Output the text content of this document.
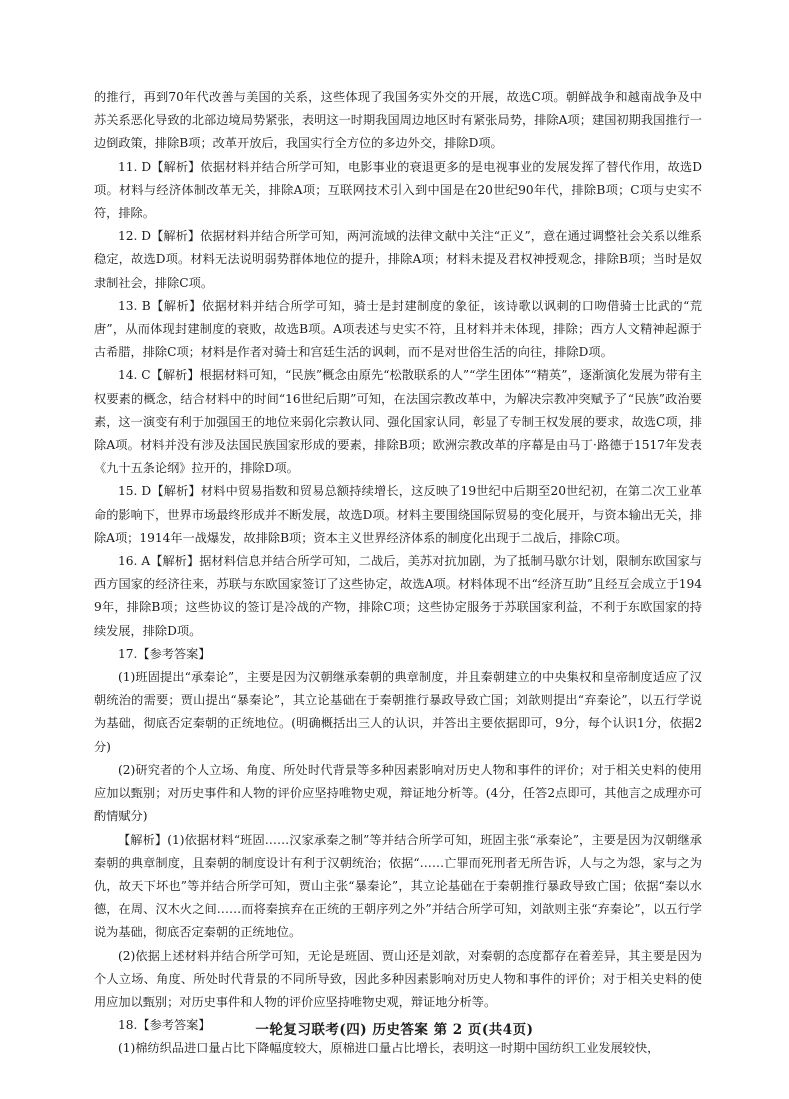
的推行，再到70年代改善与美国的关系，这些体现了我国务实外交的开展，故选C项。朝鲜战争和越南战争及中苏关系恶化导致的北部边境局势紧张，表明这一时期我国周边地区时有紧张局势，排除A项；建国初期我国推行一边倒政策，排除B项；改革开放后，我国实行全方位的多边外交，排除D项。

11. D【解析】依据材料并结合所学可知，电影事业的衰退更多的是电视事业的发展发挥了替代作用，故选D项。材料与经济体制改革无关，排除A项；互联网技术引入到中国是在20世纪90年代，排除B项；C项与史实不符，排除。

12. D【解析】依据材料并结合所学可知，两河流域的法律文献中关注“正义”，意在通过调整社会关系以维系稳定，故选D项。材料无法说明弱势群体地位的提升，排除A项；材料未提及君权神授观念，排除B项；当时是奴隶制社会，排除C项。

13. B【解析】依据材料并结合所学可知，骑士是封建制度的象征，该诗歌以讽刺的口吻借骑士比武的“荒唐”，从而体现封建制度的衰败，故选B项。A项表述与史实不符，且材料并未体现，排除；西方人文精神起源于古希腊，排除C项；材料是作者对骑士和宫廷生活的讽刺，而不是对世俗生活的向往，排除D项。

14. C【解析】根据材料可知，“民族”概念由原先“松散联系的人”“学生团体”“精英”，逐渐演化发展为带有主权要素的概念，结合材料中的时间“16世纪后期”可知，在法国宗教改革中，为解决宗教冲突赋予了“民族”政治要素，这一演变有利于加强国王的地位来弱化宗教认同、强化国家认同，彰显了专制王权发展的要求，故选C项，排除A项。材料并没有涉及法国民族国家形成的要素，排除B项；欧洲宗教改革的序幕是由马丁·路德于1517年发表《九十五条论纲》拉开的，排除D项。

15. D【解析】材料中贸易指数和贸易总额持续增长，这反映了19世纪中后期至20世纪初，在第二次工业革命的影响下，世界市场最终形成并不断发展，故选D项。材料主要围绕国际贸易的变化展开，与资本输出无关，排除A项；1914年一战爆发，故排除B项；资本主义世界经济体系的制度化出现于二战后，排除C项。

16. A【解析】据材料信息并结合所学可知，二战后，美苏对抗加剧，为了抵制马歇尔计划，限制东欧国家与西方国家的经济往来，苏联与东欧国家签订了这些协定，故选A项。材料体现不出“经济互助”且经互会成立于1949年，排除B项；这些协议的签订是冷战的产物，排除C项；这些协定服务于苏联国家利益，不利于东欧国家的持续发展，排除D项。

17.【参考答案】

(1)班固提出“承秦论”，主要是因为汉朝继承秦朝的典章制度，并且秦朝建立的中央集权和皇帝制度适应了汉朝统治的需要；贾山提出“暴秦论”，其立论基础在于秦朝推行暴政导致亡国；刘歆则提出“弃秦论”，以五行学说为基础，彻底否定秦朝的正统地位。(明确概括出三人的认识，并答出主要依据即可，9分，每个认识1分，依据2分)

(2)研究者的个人立场、角度、所处时代背景等多种因素影响对历史人物和事件的评价；对于相关史料的使用应加以甄别；对历史事件和人物的评价应坚持唯物史观，辩证地分析等。(4分，任答2点即可，其他言之成理亦可酌情赋分)

【解析】(1)依据材料“班固……汉家承秦之制”等并结合所学可知，班固主张“承秦论”，主要是因为汉朝继承秦朝的典章制度，且秦朝的制度设计有利于汉朝统治；依据“……亡罪而死刑者无所告诉，人与之为怨，家与之为仇，故天下坏也”等并结合所学可知，贾山主张“暴秦论”，其立论基础在于秦朝推行暴政导致亡国；依据“秦以水德，在周、汉木火之间……而将秦摈弃在正统的王朝序列之外”并结合所学可知，刘歆则主张“弃秦论”，以五行学说为基础，彻底否定秦朝的正统地位。

(2)依据上述材料并结合所学可知，无论是班固、贾山还是刘歆，对秦朝的态度都存在着差异，其主要是因为个人立场、角度、所处时代背景的不同所导致，因此多种因素影响对历史人物和事件的评价；对于相关史料的使用应加以甄别；对历史事件和人物的评价应坚持唯物史观，辩证地分析等。

18.【参考答案】

(1)棉纺织品进口量占比下降幅度较大，原棉进口量占比增长，表明这一时期中国纺织工业发展较快，

一轮复习联考(四) 历史答案 第 2 页(共4页)
